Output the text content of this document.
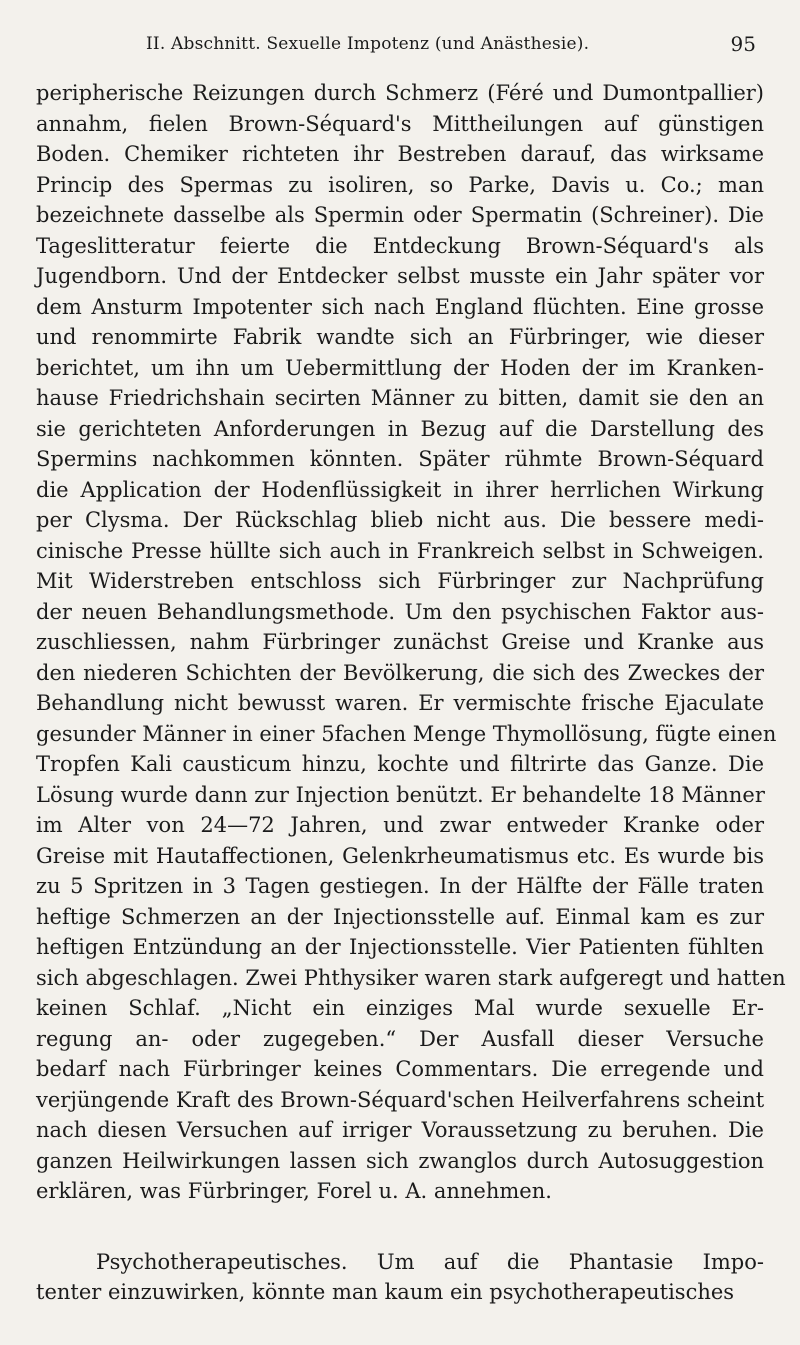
II. Abschnitt. Sexuelle Impotenz (und Anästhesie).	95
peripherische Reizungen durch Schmerz (Féré und Dumontpallier)
annahm, fielen Brown-Séquard's Mittheilungen auf günstigen
Boden. Chemiker richteten ihr Bestreben darauf, das wirksame
Princip des Spermas zu isoliren, so Parke, Davis u. Co.; man
bezeichnete dasselbe als Spermin oder Spermatin (Schreiner). Die
Tageslitteratur feierte die Entdeckung Brown-Séquard's als
Jugendborn. Und der Entdecker selbst musste ein Jahr später vor
dem Ansturm Impotenter sich nach England flüchten. Eine grosse
und renommirte Fabrik wandte sich an Fürbringer, wie dieser
berichtet, um ihn um Uebermittlung der Hoden der im Kranken-
hause Friedrichshain secirten Männer zu bitten, damit sie den an
sie gerichteten Anforderungen in Bezug auf die Darstellung des
Spermins nachkommen könnten. Später rühmte Brown-Séquard
die Application der Hodenflüssigkeit in ihrer herrlichen Wirkung
per Clysma. Der Rückschlag blieb nicht aus. Die bessere medi-
cinische Presse hüllte sich auch in Frankreich selbst in Schweigen.
Mit Widerstreben entschloss sich Fürbringer zur Nachprüfung
der neuen Behandlungsmethode. Um den psychischen Faktor aus-
zuschliessen, nahm Fürbringer zunächst Greise und Kranke aus
den niederen Schichten der Bevölkerung, die sich des Zweckes der
Behandlung nicht bewusst waren. Er vermischte frische Ejaculate
gesunder Männer in einer 5fachen Menge Thymollösung, fügte einen
Tropfen Kali causticum hinzu, kochte und filtrirte das Ganze. Die
Lösung wurde dann zur Injection benützt. Er behandelte 18 Männer
im Alter von 24—72 Jahren, und zwar entweder Kranke oder
Greise mit Hautaffectionen, Gelenkrheumatismus etc. Es wurde bis
zu 5 Spritzen in 3 Tagen gestiegen. In der Hälfte der Fälle traten
heftige Schmerzen an der Injectionsstelle auf. Einmal kam es zur
heftigen Entzündung an der Injectionsstelle. Vier Patienten fühlten
sich abgeschlagen. Zwei Phthysiker waren stark aufgeregt und hatten
keinen Schlaf. „Nicht ein einziges Mal wurde sexuelle Er-
regung an- oder zugegeben.“ Der Ausfall dieser Versuche
bedarf nach Fürbringer keines Commentars. Die erregende und
verjüngende Kraft des Brown-Séquard'schen Heilverfahrens scheint
nach diesen Versuchen auf irriger Voraussetzung zu beruhen. Die
ganzen Heilwirkungen lassen sich zwanglos durch Autosuggestion
erklären, was Fürbringer, Forel u. A. annehmen.
Psychotherapeutisches. Um auf die Phantasie Impo-
tenter einzuwirken, könnte man kaum ein psychotherapeutisches
